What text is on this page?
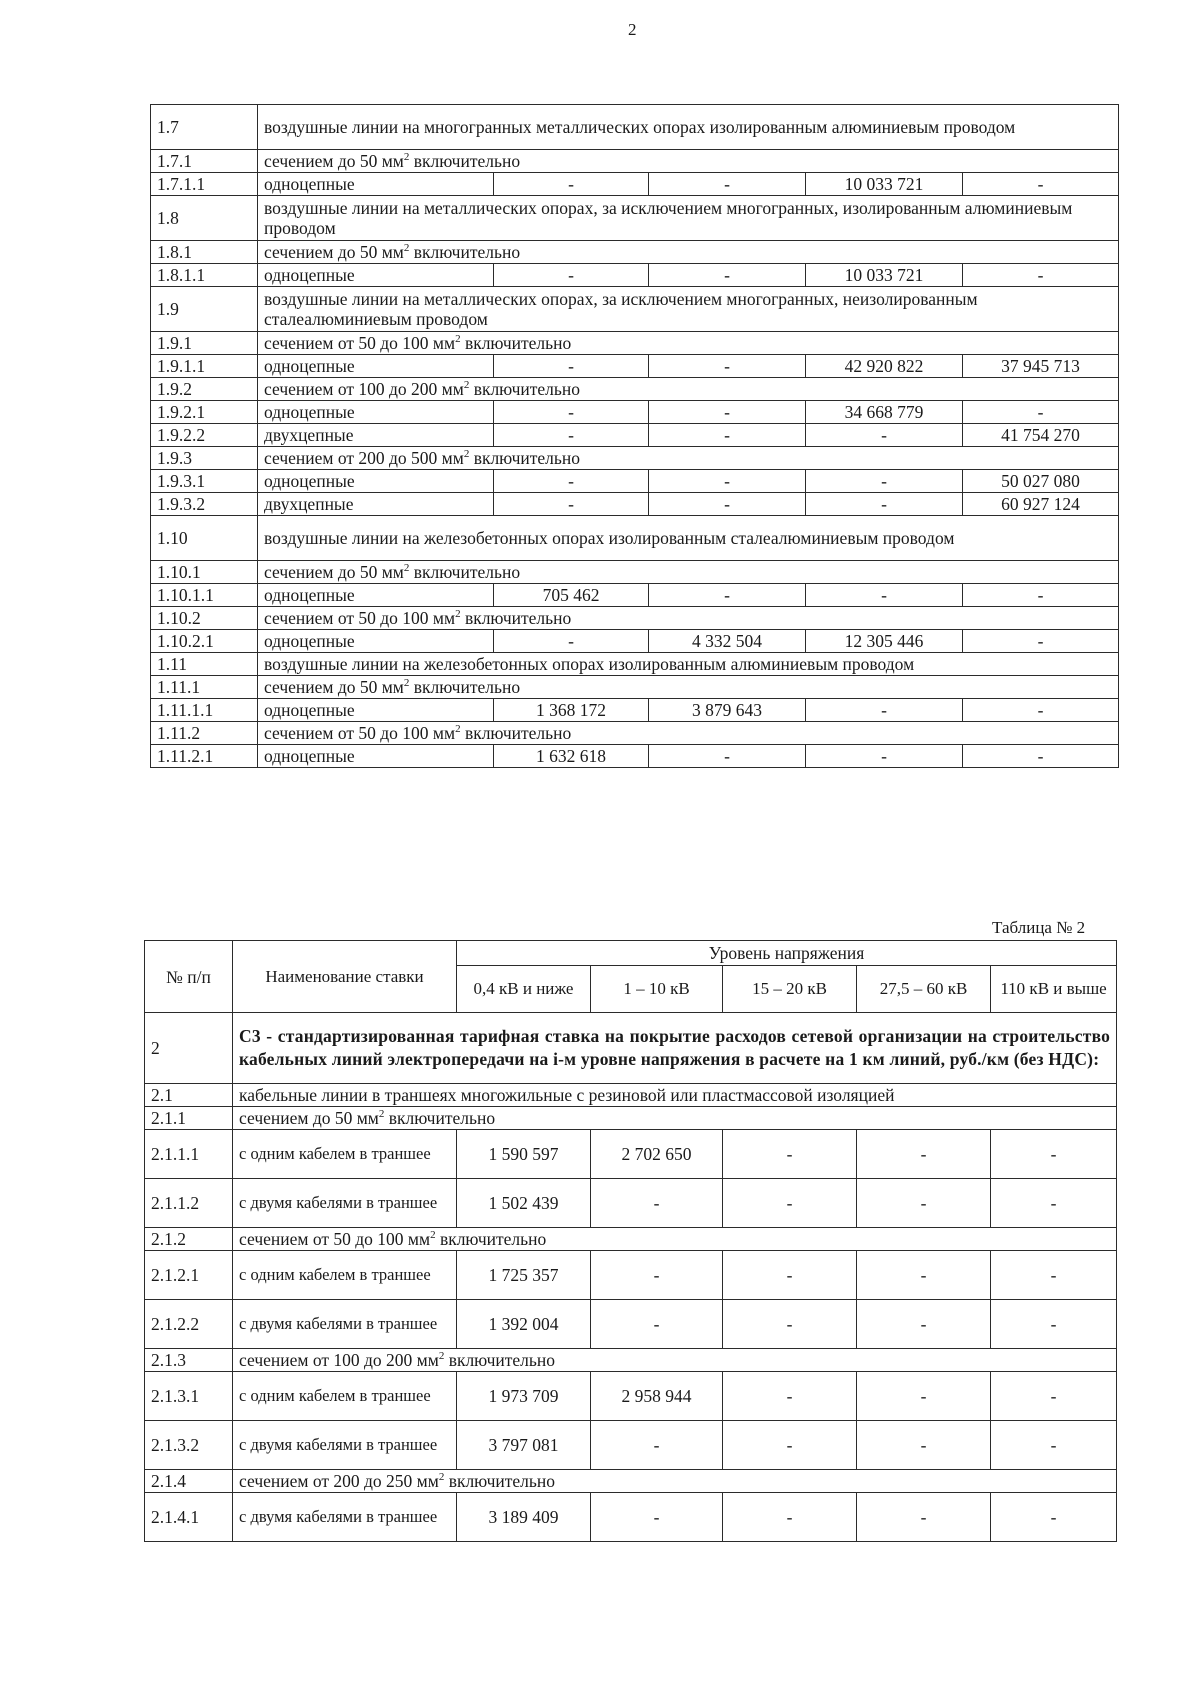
2
1.7	воздушные линии на многогранных металлических опорах изолированным алюминиевым проводом				
1.7.1	сечением до 50 $мм^2$ включительно				
1.7.1.1	одноцепные	-	-	10 033 721	-
1.8	воздушные линии на металлических опорах, за исключением многогранных, изолированным алюминиевым проводом				
1.8.1	сечением до 50 $мм^2$ включительно				
1.8.1.1	одноцепные	-	-	10 033 721	-
1.9	воздушные линии на металлических опорах, за исключением многогранных, неизолированным сталеалюминиевым проводом				
1.9.1	сечением от 50 до 100 $мм^2$ включительно				
1.9.1.1	одноцепные	-	-	42 920 822	37 945 713
1.9.2	сечением от 100 до 200 $мм^2$ включительно				
1.9.2.1	одноцепные	-	-	34 668 779	-
1.9.2.2	двухцепные	-	-	-	41 754 270
1.9.3	сечением от 200 до 500 $мм^2$ включительно				
1.9.3.1	одноцепные	-	-	-	50 027 080
1.9.3.2	двухцепные	-	-	-	60 927 124
1.10	воздушные линии на железобетонных опорах изолированным сталеалюминиевым проводом				
1.10.1	сечением до 50 $мм^2$ включительно				
1.10.1.1	одноцепные	705 462	-	-	-
1.10.2	сечением от 50 до 100 $мм^2$ включительно				
1.10.2.1	одноцепные	-	4 332 504	12 305 446	-
1.11	воздушные линии на железобетонных опорах изолированным алюминиевым проводом				
1.11.1	сечением до 50 $мм^2$ включительно				
1.11.1.1	одноцепные	1 368 172	3 879 643	-	-
1.11.2	сечением от 50 до 100 $мм^2$ включительно				
1.11.2.1	одноцепные	1 632 618	-	-	-
Таблица № 2
№ п/п	Наименование ставки	Уровень напряжения				
		0,4 кВ и ниже	1 – 10 кВ	15 – 20 кВ	27,5 – 60 кВ	110 кВ и выше
2	С3 - стандартизированная тарифная ставка на покрытие расходов сетевой организации на строительство кабельных линий электропередачи на i-м уровне напряжения в расчете на 1 км линий, руб./км (без НДС):					
2.1	кабельные линии в траншеях многожильные с резиновой или пластмассовой изоляцией					
2.1.1	сечением до 50 $мм^2$ включительно					
2.1.1.1	с одним кабелем в траншее	1 590 597	2 702 650	-	-	-
2.1.1.2	с двумя кабелями в траншее	1 502 439	-	-	-	-
2.1.2	сечением от 50 до 100 $мм^2$ включительно					
2.1.2.1	с одним кабелем в траншее	1 725 357	-	-	-	-
2.1.2.2	с двумя кабелями в траншее	1 392 004	-	-	-	-
2.1.3	сечением от 100 до 200 $мм^2$ включительно					
2.1.3.1	с одним кабелем в траншее	1 973 709	2 958 944	-	-	-
2.1.3.2	с двумя кабелями в траншее	3 797 081	-	-	-	-
2.1.4	сечением от 200 до 250 $мм^2$ включительно					
2.1.4.1	с двумя кабелями в траншее	3 189 409	-	-	-	-
